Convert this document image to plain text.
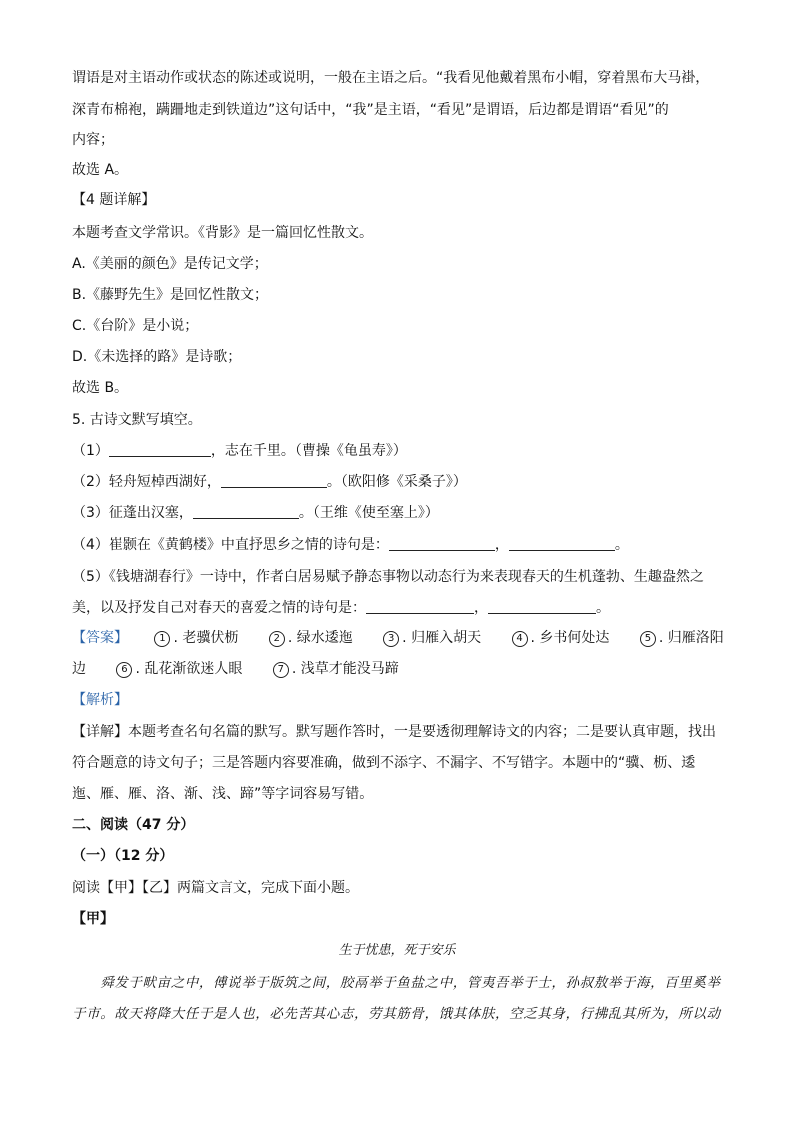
谓语是对主语动作或状态的陈述或说明，一般在主语之后。“我看见他戴着黑布小帽，穿着黑布大马褂，
深青布棉袍，蹒跚地走到铁道边”这句话中，“我”是主语，“看见”是谓语，后边都是谓语“看见”的
内容；
故选 A。
【4 题详解】
本题考查文学常识。《背影》是一篇回忆性散文。
A.《美丽的颜色》是传记文学；
B.《藤野先生》是回忆性散文；
C.《台阶》是小说；
D.《未选择的路》是诗歌；
故选 B。
5. 古诗文默写填空。
（1）	，志在千里。（曹操《龟虽寿》）
（2）轻舟短棹西湖好，	。（欧阳修《采桑子》）
（3）征蓬出汉塞，	。（王维《使至塞上》）
（4）崔颢在《黄鹤楼》中直抒思乡之情的诗句是：	，	。
（5）《钱塘湖春行》一诗中，作者白居易赋予静态事物以动态行为来表现春天的生机蓬勃、生趣盎然之
美，以及抒发自己对春天的喜爱之情的诗句是：	，	。
【答案】	1 . 老骥伏枥	2 . 绿水逶迤	3 . 归雁入胡天	4 . 乡书何处达	5 . 归雁洛阳
边	6 . 乱花渐欲迷人眼	7 . 浅草才能没马蹄
【解析】
【详解】本题考查名句名篇的默写。默写题作答时，一是要透彻理解诗文的内容；二是要认真审题，找出
符合题意的诗文句子；三是答题内容要准确，做到不添字、不漏字、不写错字。本题中的“骥、枥、逶
迤、雁、雁、洛、渐、浅、蹄”等字词容易写错。
二、阅读（47 分）
（一）（12 分）
阅读【甲】【乙】两篇文言文，完成下面小题。
【甲】
生于忧患，死于安乐
　　舜发于畎亩之中，傅说举于版筑之间，胶鬲举于鱼盐之中，管夷吾举于士，孙叔敖举于海，百里奚举
于市。故天将降大任于是人也，必先苦其心志，劳其筋骨，饿其体肤，空乏其身，行拂乱其所为，所以动
